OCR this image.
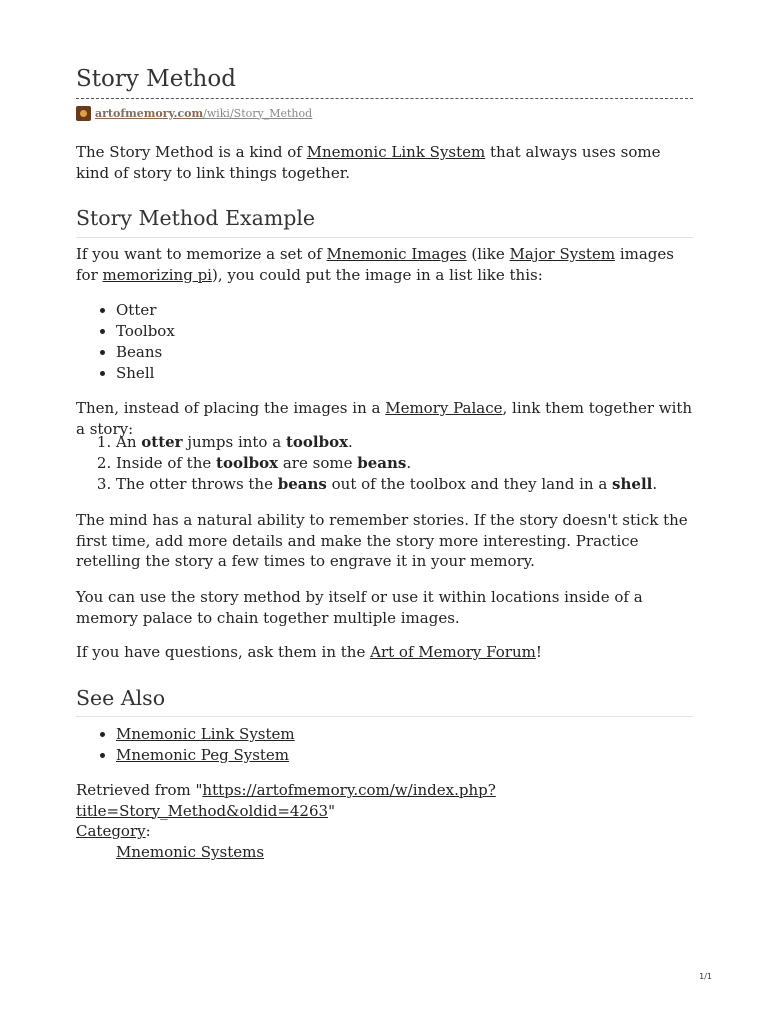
Story Method
artofmemory.com/wiki/Story_Method

The Story Method is a kind of Mnemonic Link System that always uses some kind of story to link things together.

Story Method Example

If you want to memorize a set of Mnemonic Images (like Major System images for memorizing pi), you could put the image in a list like this:

• Otter
• Toolbox
• Beans
• Shell

Then, instead of placing the images in a Memory Palace, link them together with a story:

1. An otter jumps into a toolbox.
2. Inside of the toolbox are some beans.
3. The otter throws the beans out of the toolbox and they land in a shell.

The mind has a natural ability to remember stories. If the story doesn't stick the first time, add more details and make the story more interesting. Practice retelling the story a few times to engrave it in your memory.

You can use the story method by itself or use it within locations inside of a memory palace to chain together multiple images.

If you have questions, ask them in the Art of Memory Forum!

See Also
• Mnemonic Link System
• Mnemonic Peg System

Retrieved from "https://artofmemory.com/w/index.php?title=Story_Method&oldid=4263"

Category:
Mnemonic Systems
1/1
